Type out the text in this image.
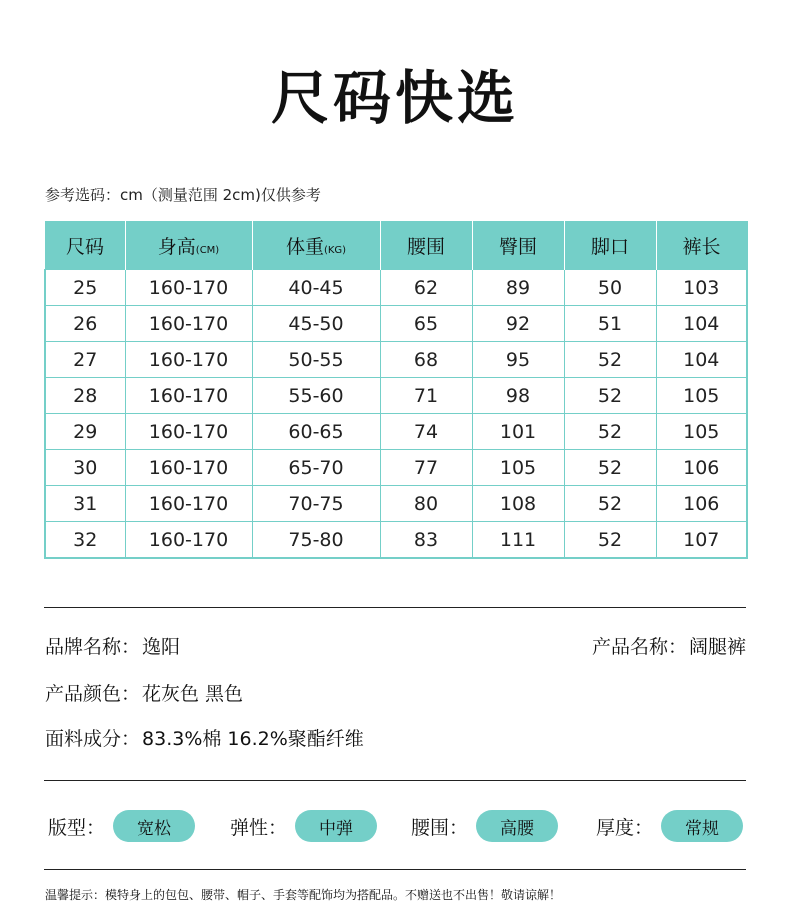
尺码快选
参考选码：cm（测量范围 2cm)仅供参考
尺码	身高(CM)	体重(KG)	腰围	臀围	脚口	裤长
25	160-170	40-45	62	89	50	103
26	160-170	45-50	65	92	51	104
27	160-170	50-55	68	95	52	104
28	160-170	55-60	71	98	52	105
29	160-170	60-65	74	101	52	105
30	160-170	65-70	77	105	52	106
31	160-170	70-75	80	108	52	106
32	160-170	75-80	83	111	52	107
品牌名称： 逸阳	产品名称： 阔腿裤
产品颜色： 花灰色 黑色
面料成分： 83.3%棉 16.2%聚酯纤维
版型：	宽松	弹性：	中弹	腰围：	高腰	厚度：	常规
温馨提示：模特身上的包包、腰带、帽子、手套等配饰均为搭配品。不赠送也不出售！敬请谅解！
